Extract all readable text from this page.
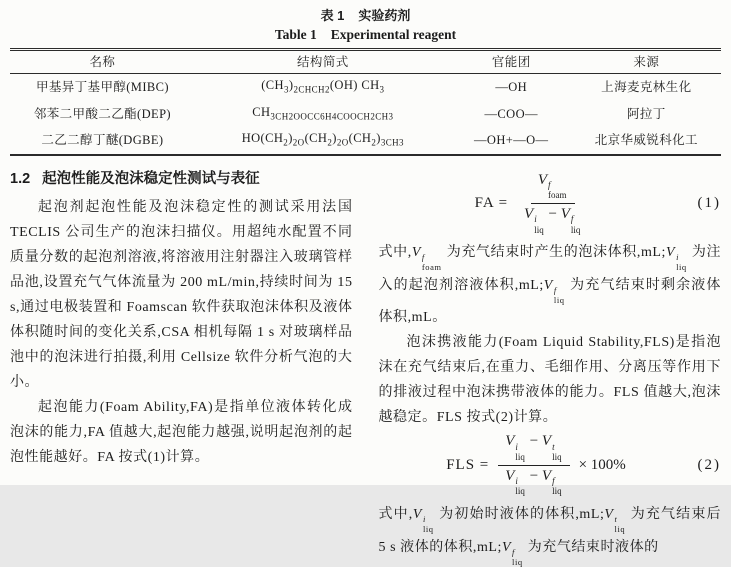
表 1 实验药剂
Table 1 Experimental reagent
名称	结构简式	官能团	来源
甲基异丁基甲醇(MIBC)	$(CH_3)_{2CHCH2}(OH)$ $CH_3$	—OH	上海麦克林生化
邻苯二甲酸二乙酯(DEP)	$CH_{3CH2OOCC6H4COOCH2CH3}$	—COO—	阿拉丁
二乙二醇丁醚(DGBE)	$HO(CH_2)_{2O}(CH_2)_{2O}(CH_2)_{3CH3}$	—OH+—O—	北京华威锐科化工
1.2 起泡性能及泡沫稳定性测试与表征

起泡剂起泡性能及泡沫稳定性的测试采用法国 TECLIS 公司生产的泡沫扫描仪。用超纯水配置不同质量分数的起泡剂溶液,将溶液用注射器注入玻璃管样品池,设置充气气体流量为 200 mL/min,持续时间为 15 s,通过电极装置和 Foamscan 软件获取泡沫体积及液体体积随时间的变化关系,CSA 相机每隔 1 s 对玻璃样品池中的泡沫进行拍摄,利用 Cellsize 软件分析气泡的大小。

起泡能力(Foam Ability,FA)是指单位液体转化成泡沫的能力,FA 值越大,起泡能力越强,说明起泡剂的起泡性能越好。FA 按式(1)计算。

FA = V f
foam
V i
liq
− V f
liq	(1)

式中,V f
foam
为充气结束时产生的泡沫体积,mL;V i
liq
为注入的起泡剂溶液体积,mL;V f
liq
为充气结束时剩余液体体积,mL。

泡沫携液能力(Foam Liquid Stability,FLS)是指泡沫在充气结束后,在重力、毛细作用、分离压等作用下的排液过程中泡沫携带液体的能力。FLS 值越大,泡沫越稳定。FLS 按式(2)计算。

FLS = V i
liq
− V t
liq
V i
liq
− V f
liq × 100%	(2)

式中,V i
liq
为初始时液体的体积,mL;V t
liq
为充气结束后 5 s 液体的体积,mL;V f
liq
为充气结束时液体的
